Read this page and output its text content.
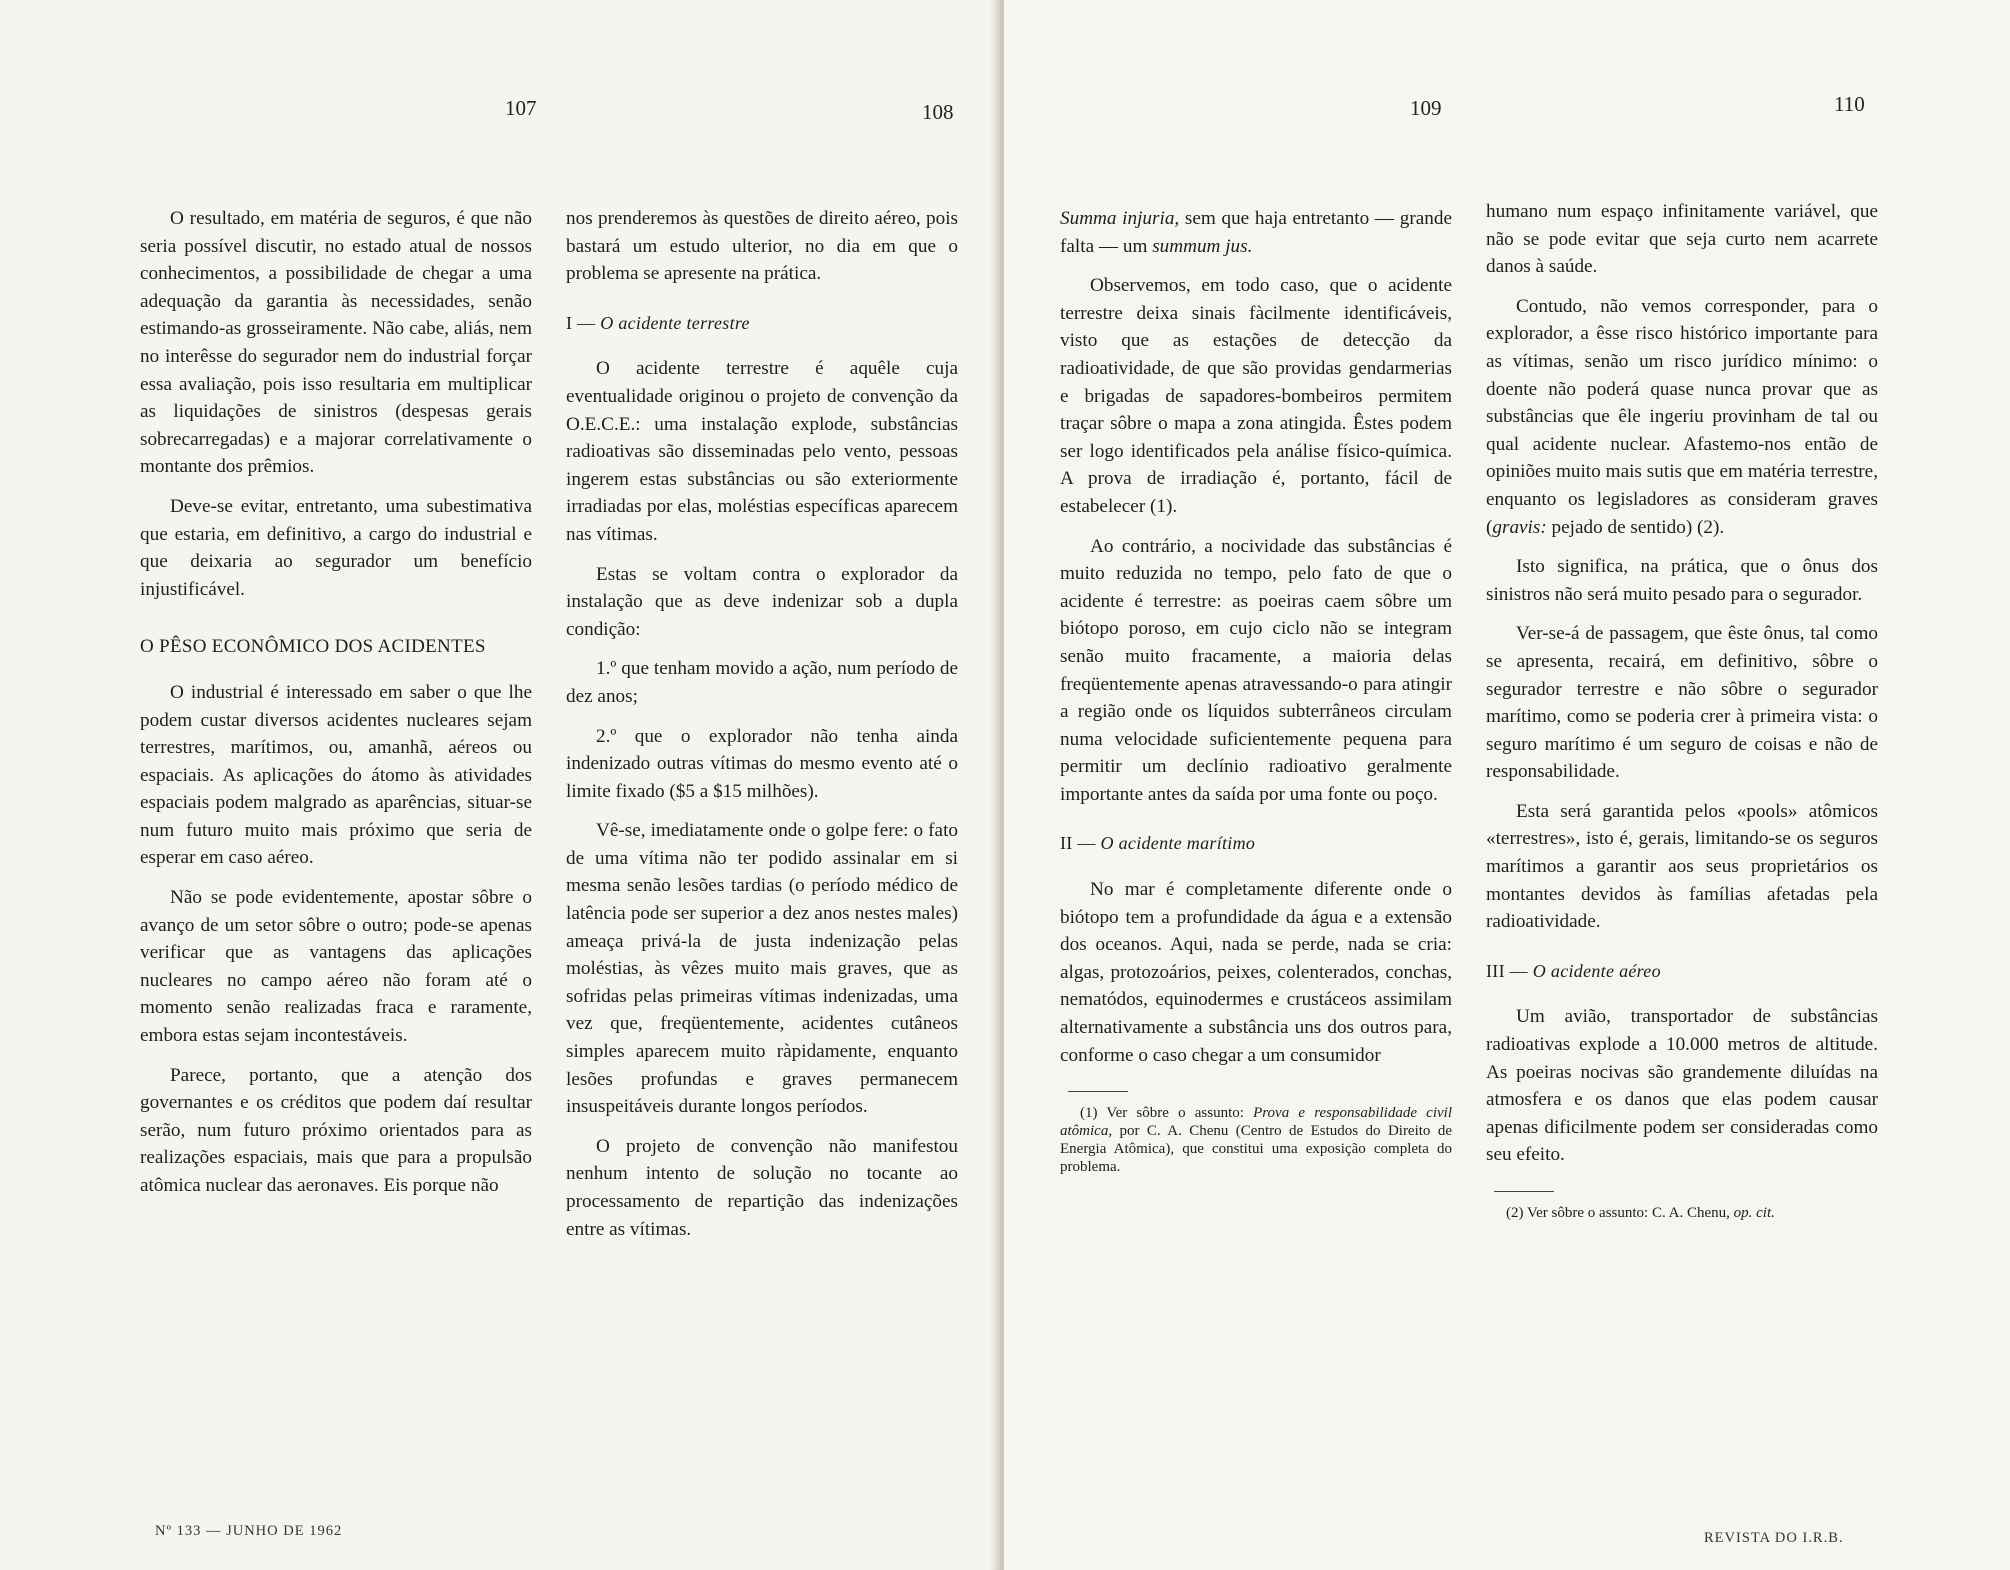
107	108

O resultado, em matéria de seguros, é que não seria possível discutir, no estado atual de nossos conhecimentos, a possibilidade de chegar a uma adequação da garantia às necessidades, senão estimando-as grosseiramente. Não cabe, aliás, nem no interêsse do segurador nem do industrial forçar essa avaliação, pois isso resultaria em multiplicar as liquidações de sinistros (despesas gerais sobrecarregadas) e a majorar correlativamente o montante dos prêmios.

Deve-se evitar, entretanto, uma subestimativa que estaria, em definitivo, a cargo do industrial e que deixaria ao segurador um benefício injustificável.

O PÊSO ECONÔMICO DOS ACIDENTES

O industrial é interessado em saber o que lhe podem custar diversos acidentes nucleares sejam terrestres, marítimos, ou, amanhã, aéreos ou espaciais. As aplicações do átomo às atividades espaciais podem malgrado as aparências, situar-se num futuro muito mais próximo que seria de esperar em caso aéreo.

Não se pode evidentemente, apostar sôbre o avanço de um setor sôbre o outro; pode-se apenas verificar que as vantagens das aplicações nucleares no campo aéreo não foram até o momento senão realizadas fraca e raramente, embora estas sejam incontestáveis.

Parece, portanto, que a atenção dos governantes e os créditos que podem daí resultar serão, num futuro próximo orientados para as realizações espaciais, mais que para a propulsão atômica nuclear das aeronaves. Eis porque não

nos prenderemos às questões de direito aéreo, pois bastará um estudo ulterior, no dia em que o problema se apresente na prática.

I — O acidente terrestre

O acidente terrestre é aquêle cuja eventualidade originou o projeto de convenção da O.E.C.E.: uma instalação explode, substâncias radioativas são disseminadas pelo vento, pessoas ingerem estas substâncias ou são exteriormente irradiadas por elas, moléstias específicas aparecem nas vítimas.

Estas se voltam contra o explorador da instalação que as deve indenizar sob a dupla condição:

1.º que tenham movido a ação, num período de dez anos;

2.º que o explorador não tenha ainda indenizado outras vítimas do mesmo evento até o limite fixado ($5 a $15 milhões).

Vê-se, imediatamente onde o golpe fere: o fato de uma vítima não ter podido assinalar em si mesma senão lesões tardias (o período médico de latência pode ser superior a dez anos nestes males) ameaça privá-la de justa indenização pelas moléstias, às vêzes muito mais graves, que as sofridas pelas primeiras vítimas indenizadas, uma vez que, freqüentemente, acidentes cutâneos simples aparecem muito ràpidamente, enquanto lesões profundas e graves permanecem insuspeitáveis durante longos períodos.

O projeto de convenção não manifestou nenhum intento de solução no tocante ao processamento de repartição das indenizações entre as vítimas.

Nº 133 — JUNHO DE 1962
109	110

Summa injuria, sem que haja entretanto — grande falta — um summum jus.

Observemos, em todo caso, que o acidente terrestre deixa sinais fàcilmente identificáveis, visto que as estações de detecção da radioatividade, de que são providas gendarmerias e brigadas de sapadores-bombeiros permitem traçar sôbre o mapa a zona atingida. Êstes podem ser logo identificados pela análise físico-química. A prova de irradiação é, portanto, fácil de estabelecer (1).

Ao contrário, a nocividade das substâncias é muito reduzida no tempo, pelo fato de que o acidente é terrestre: as poeiras caem sôbre um biótopo poroso, em cujo ciclo não se integram senão muito fracamente, a maioria delas freqüentemente apenas atravessando-o para atingir a região onde os líquidos subterrâneos circulam numa velocidade suficientemente pequena para permitir um declínio radioativo geralmente importante antes da saída por uma fonte ou poço.

II — O acidente marítimo

No mar é completamente diferente onde o biótopo tem a profundidade da água e a extensão dos oceanos. Aqui, nada se perde, nada se cria: algas, protozoários, peixes, colenterados, conchas, nematódos, equinodermes e crustáceos assimilam alternativamente a substância uns dos outros para, conforme o caso chegar a um consumidor

(1) Ver sôbre o assunto: Prova e responsabilidade civil atômica, por C. A. Chenu (Centro de Estudos do Direito de Energia Atômica), que constitui uma exposição completa do problema.

humano num espaço infinitamente variável, que não se pode evitar que seja curto nem acarrete danos à saúde.

Contudo, não vemos corresponder, para o explorador, a êsse risco histórico importante para as vítimas, senão um risco jurídico mínimo: o doente não poderá quase nunca provar que as substâncias que êle ingeriu provinham de tal ou qual acidente nuclear. Afastemo-nos então de opiniões muito mais sutis que em matéria terrestre, enquanto os legisladores as consideram graves (gravis: pejado de sentido) (2).

Isto significa, na prática, que o ônus dos sinistros não será muito pesado para o segurador.

Ver-se-á de passagem, que êste ônus, tal como se apresenta, recairá, em definitivo, sôbre o segurador terrestre e não sôbre o segurador marítimo, como se poderia crer à primeira vista: o seguro marítimo é um seguro de coisas e não de responsabilidade.

Esta será garantida pelos «pools» atômicos «terrestres», isto é, gerais, limitando-se os seguros marítimos a garantir aos seus proprietários os montantes devidos às famílias afetadas pela radioatividade.

III — O acidente aéreo

Um avião, transportador de substâncias radioativas explode a 10.000 metros de altitude. As poeiras nocivas são grandemente diluídas na atmosfera e os danos que elas podem causar apenas dificilmente podem ser consideradas como seu efeito.

(2) Ver sôbre o assunto: C. A. Chenu, op. cit.

REVISTA DO I.R.B.
